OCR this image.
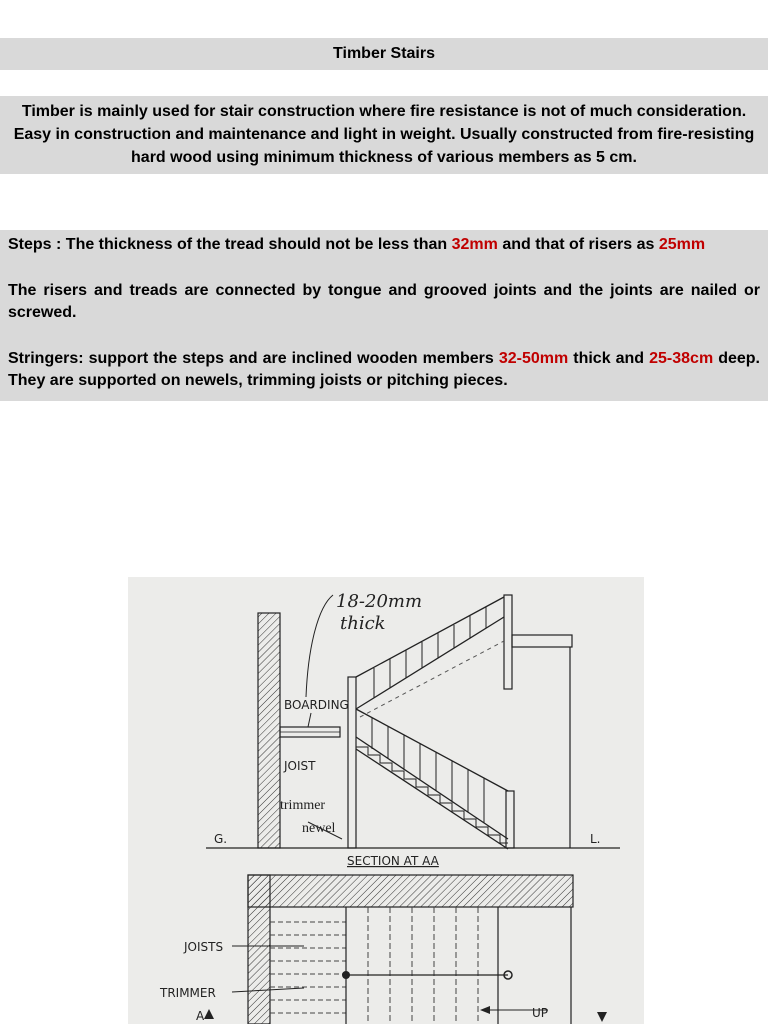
Timber Stairs

Timber is mainly used for stair construction where fire resistance is not of much consideration. Easy in construction and maintenance and light in weight. Usually constructed from fire-resisting hard wood using minimum thickness of various members as 5 cm.

Steps : The thickness of the tread should not be less than 32mm and that of risers as 25mm

The risers and treads are connected by tongue and grooved joints and the joints are nailed or screwed.

Stringers: support the steps and are inclined wooden members 32-50mm thick and 25-38cm deep. They are supported on newels, trimming joists or pitching pieces.

18-20mm
thick
BOARDING
JOIST
trimmer
newel
G.	L.
SECTION AT AA
JOISTS
TRIMMER
A	UP
